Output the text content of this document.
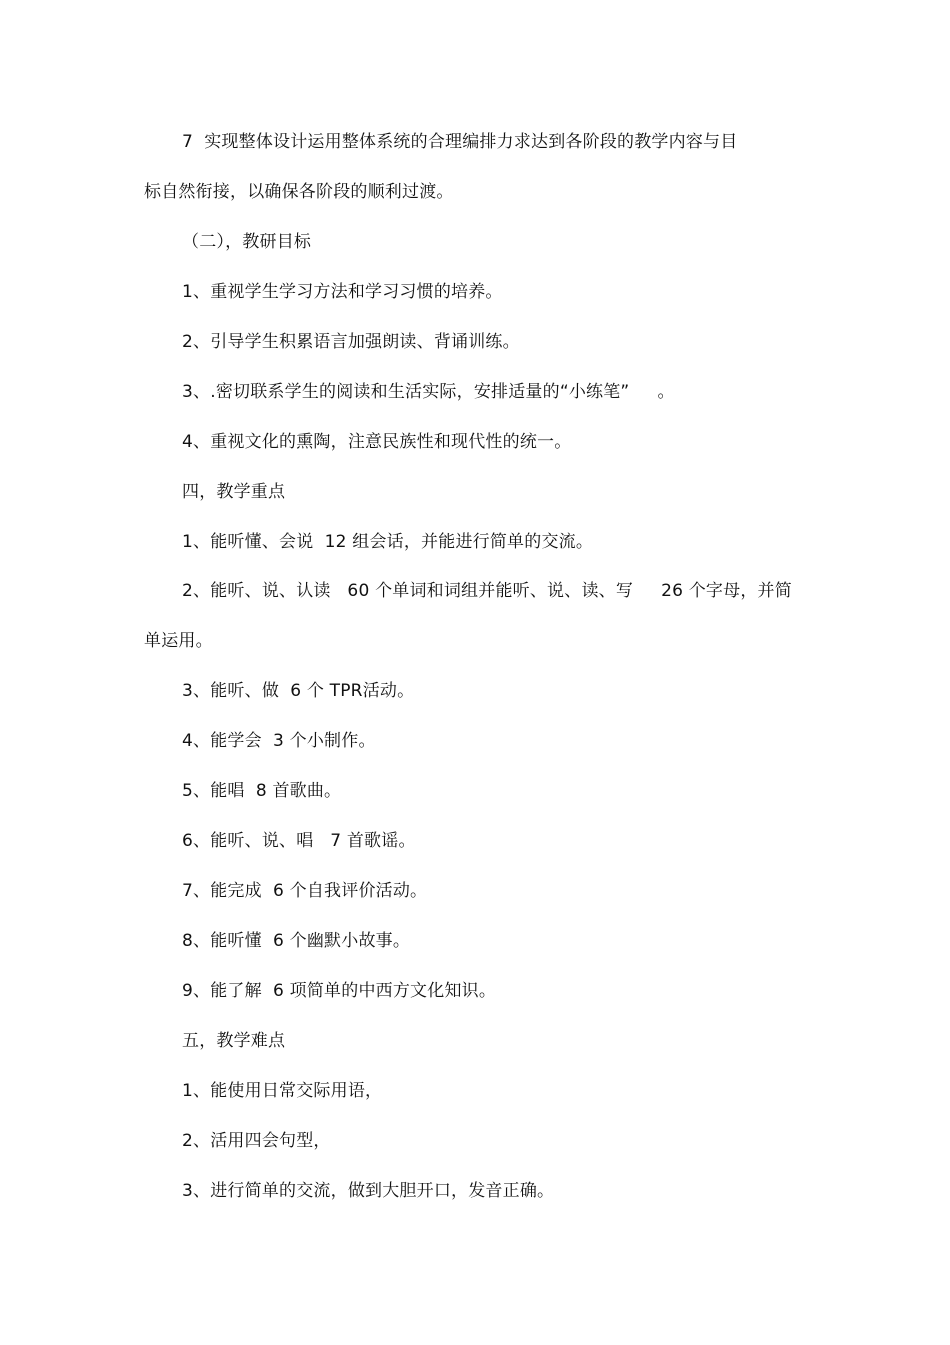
7  实现整体设计运用整体系统的合理编排力求达到各阶段的教学内容与目
标自然衔接，以确保各阶段的顺利过渡。
（二），教研目标
1、重视学生学习方法和学习习惯的培养。
2、引导学生积累语言加强朗读、背诵训练。
3、.密切联系学生的阅读和生活实际，安排适量的“小练笔”     。
4、重视文化的熏陶，注意民族性和现代性的统一。
四，教学重点
1、能听懂、会说  12 组会话，并能进行简单的交流。
2、能听、说、认读   60 个单词和词组并能听、说、读、写     26 个字母，并简
单运用。
3、能听、做  6 个 TPR活动。
4、能学会  3 个小制作。
5、能唱  8 首歌曲。
6、能听、说、唱   7 首歌谣。
7、能完成  6 个自我评价活动。
8、能听懂  6 个幽默小故事。
9、能了解  6 项简单的中西方文化知识。
五，教学难点
1、能使用日常交际用语，
2、活用四会句型，
3、进行简单的交流，做到大胆开口，发音正确。
